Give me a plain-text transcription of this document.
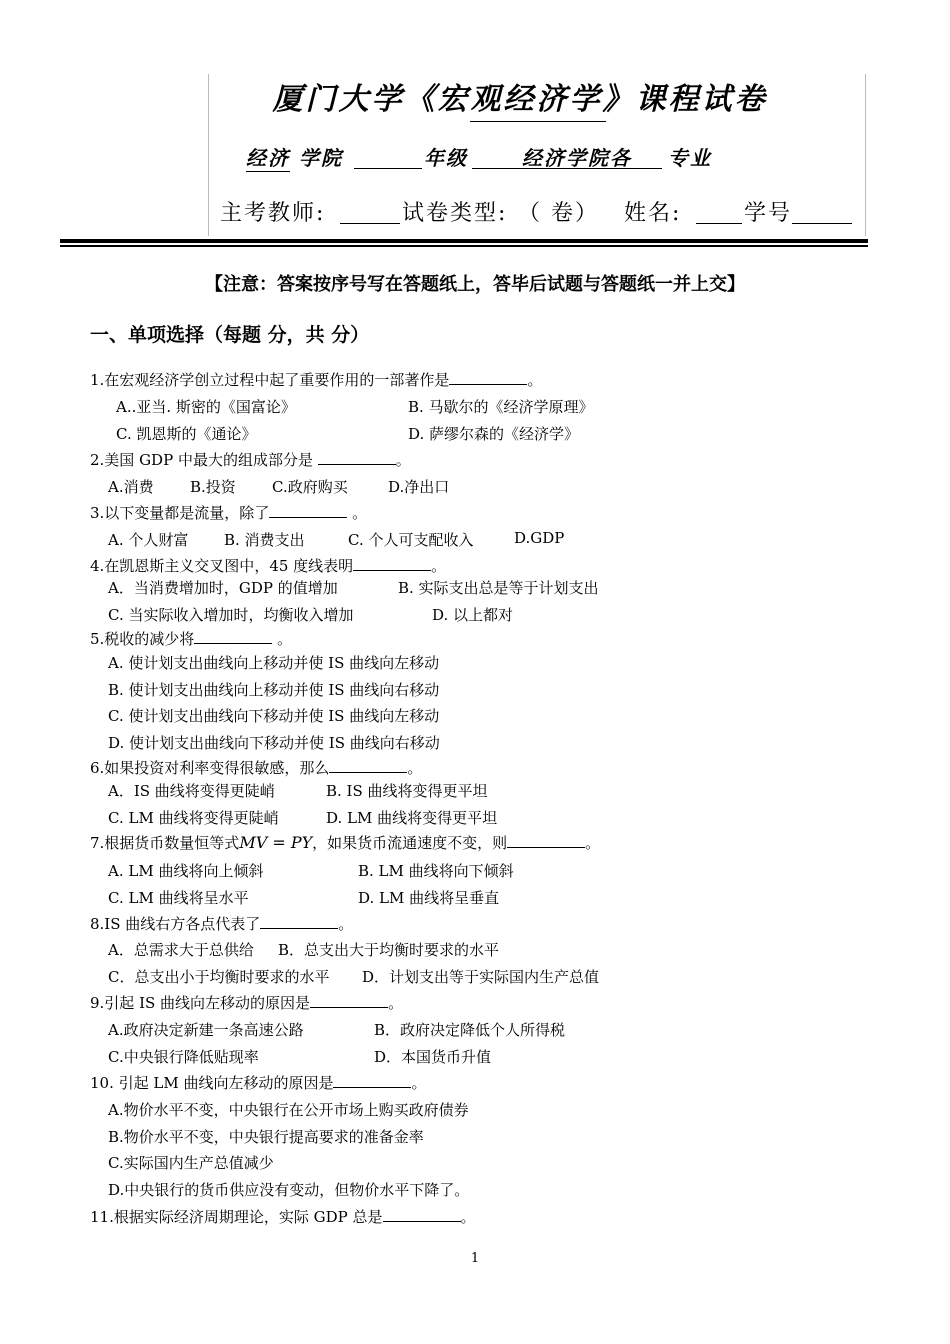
厦门大学《宏观经济学》课程试卷
经济 学院	年级	经济学院各 专业
主考教师:	试卷类型: （ 卷） 姓名:	学号
【注意：答案按序号写在答题纸上，答毕后试题与答题纸一并上交】
一、单项选择（每题 分，共 分）
1.在宏观经济学创立过程中起了重要作用的一部著作是	。
A..亚当. 斯密的《国富论》	B. 马歇尔的《经济学原理》
C. 凯恩斯的《通论》	D. 萨缪尔森的《经济学》
2.美国 GDP 中最大的组成部分是	。
A.消费 B.投资 C.政府购买	D.净出口
3.以下变量都是流量，除了	。
A. 个人财富 B. 消费支出	C. 个人可支配收入	D.GDP
4.在凯恩斯主义交叉图中，45 度线表明	。
A．当消费增加时，GDP 的值增加	B. 实际支出总是等于计划支出
C. 当实际收入增加时，均衡收入增加	D. 以上都对
5.税收的减少将	。
A. 使计划支出曲线向上移动并使 IS 曲线向左移动
B. 使计划支出曲线向上移动并使 IS 曲线向右移动
C. 使计划支出曲线向下移动并使 IS 曲线向左移动
D. 使计划支出曲线向下移动并使 IS 曲线向右移动
6.如果投资对利率变得很敏感，那么	。
A．IS 曲线将变得更陡峭	B. IS 曲线将变得更平坦
C. LM 曲线将变得更陡峭	D. LM 曲线将变得更平坦
7.根据货币数量恒等式MV = PY，如果货币流通速度不变，则	。
A. LM 曲线将向上倾斜	B. LM 曲线将向下倾斜
C. LM 曲线将呈水平	D. LM 曲线将呈垂直
8.IS 曲线右方各点代表了	。
A．总需求大于总供给 B．总支出大于均衡时要求的水平
C．总支出小于均衡时要求的水平 D．计划支出等于实际国内生产总值
9.引起 IS 曲线向左移动的原因是	。
A.政府决定新建一条高速公路	B．政府决定降低个人所得税
C.中央银行降低贴现率	D．本国货币升值
10. 引起 LM 曲线向左移动的原因是	。
A.物价水平不变，中央银行在公开市场上购买政府债券
B.物价水平不变，中央银行提高要求的准备金率
C.实际国内生产总值减少
D.中央银行的货币供应没有变动，但物价水平下降了。
11.根据实际经济周期理论，实际 GDP 总是	。
1
